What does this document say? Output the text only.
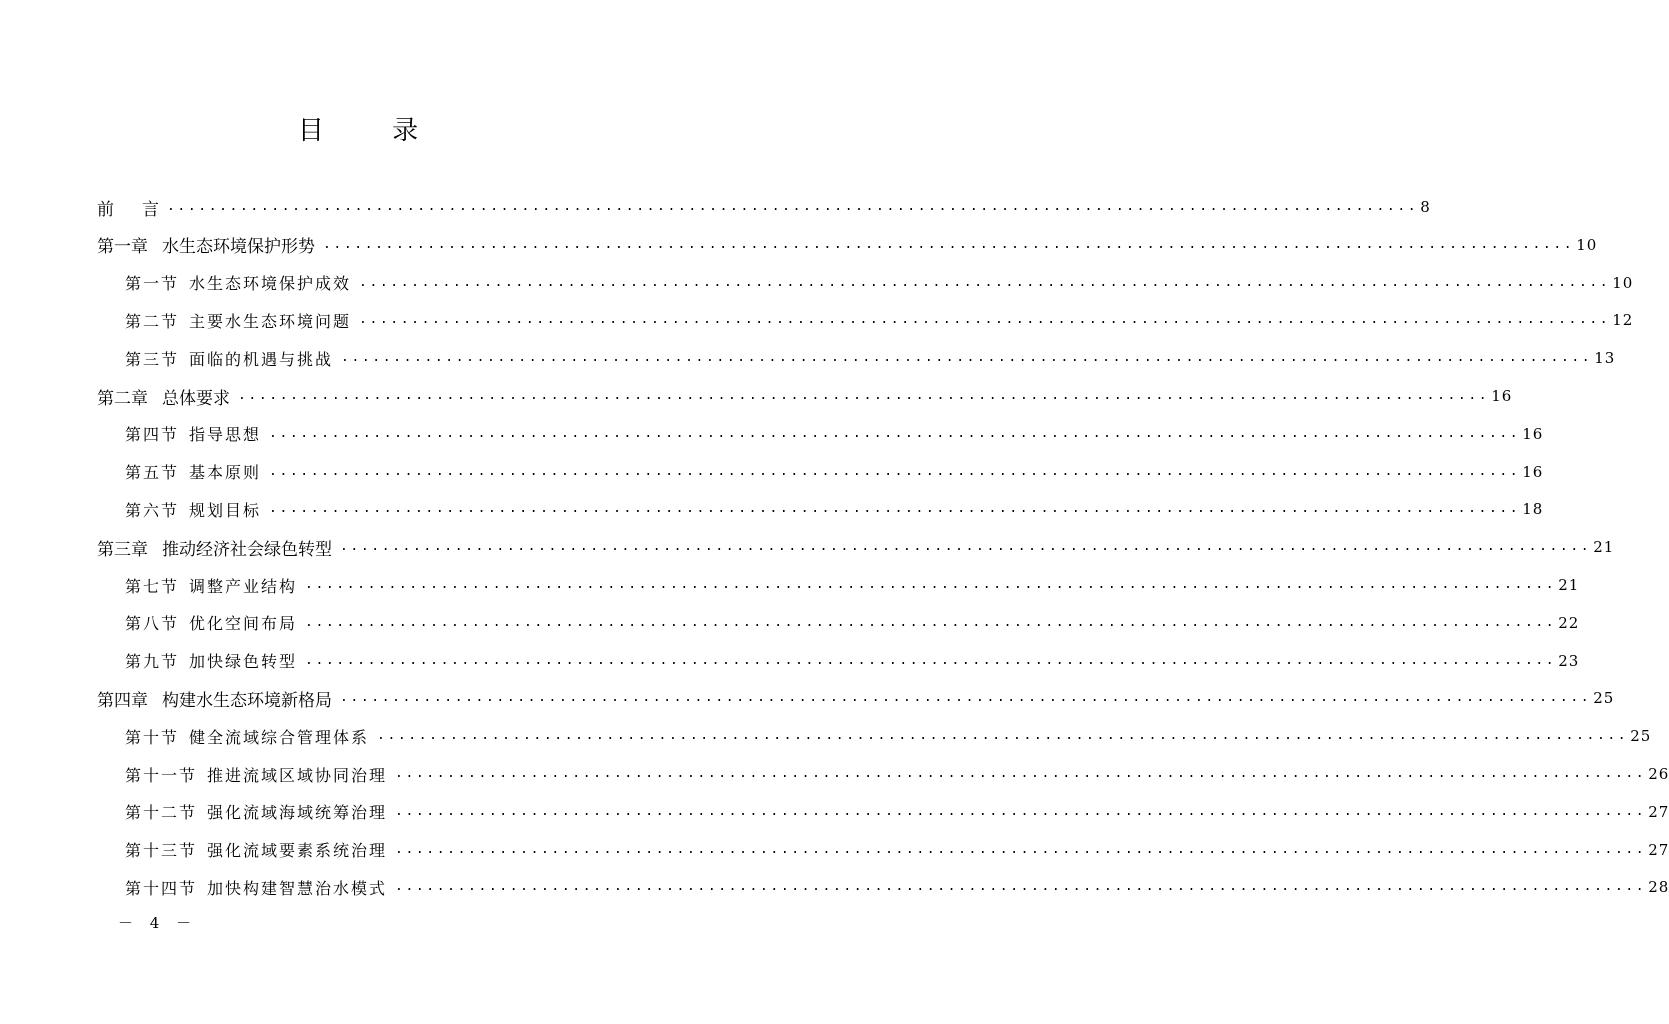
目 录
前 言 ........................................................................................................................ 8
第一章 水生态环境保护形势 ........................................................................................................................ 10
第一节 水生态环境保护成效 ........................................................................................................................ 10
第二节 主要水生态环境问题 ........................................................................................................................ 12
第三节 面临的机遇与挑战 ........................................................................................................................ 13
第二章 总体要求 ........................................................................................................................ 16
第四节 指导思想 ........................................................................................................................ 16
第五节 基本原则 ........................................................................................................................ 16
第六节 规划目标 ........................................................................................................................ 18
第三章 推动经济社会绿色转型 ........................................................................................................................ 21
第七节 调整产业结构 ........................................................................................................................ 21
第八节 优化空间布局 ........................................................................................................................ 22
第九节 加快绿色转型 ........................................................................................................................ 23
第四章 构建水生态环境新格局 ........................................................................................................................ 25
第十节 健全流域综合管理体系 ........................................................................................................................ 25
第十一节 推进流域区域协同治理 ........................................................................................................................ 26
第十二节 强化流域海域统筹治理 ........................................................................................................................ 27
第十三节 强化流域要素系统治理 ........................................................................................................................ 27
第十四节 加快构建智慧治水模式 ........................................................................................................................ 28
－ 4 －
